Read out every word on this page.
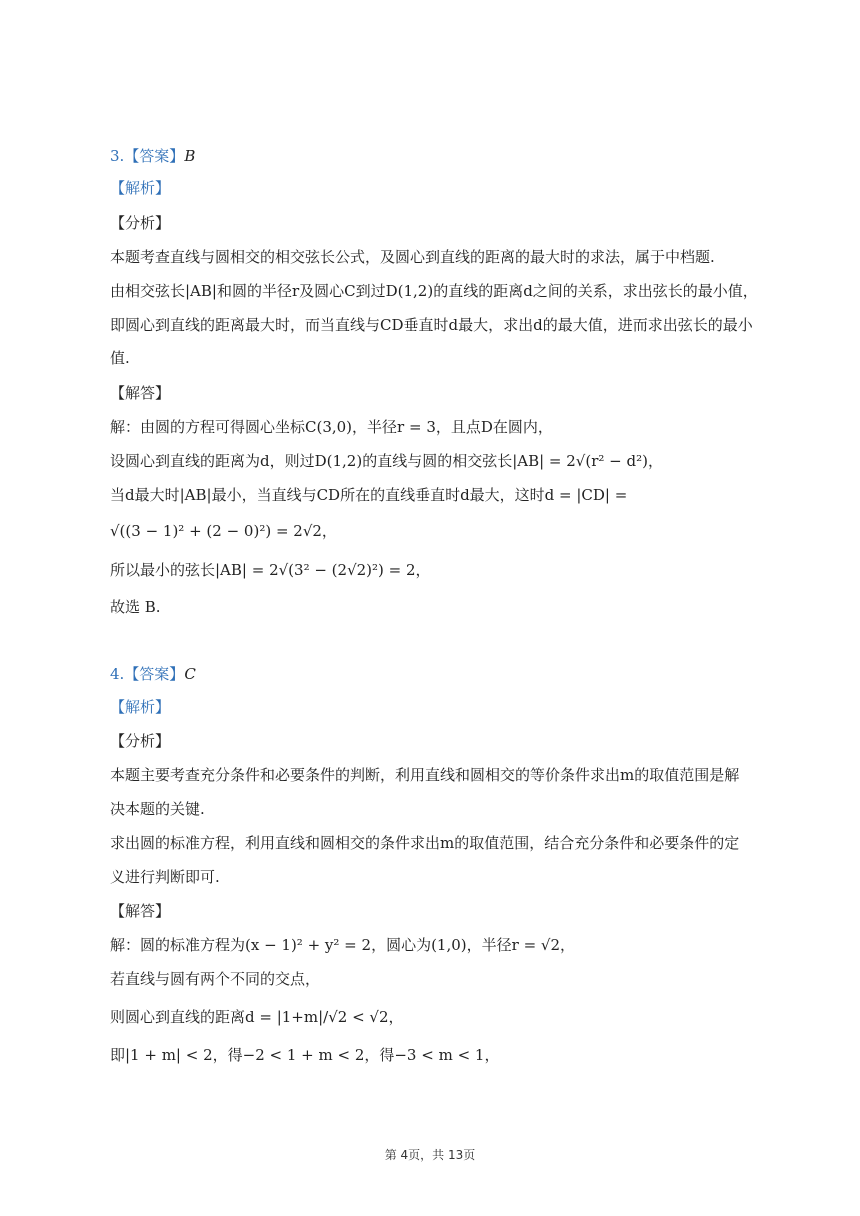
3.【答案】B
【解析】
【分析】
本题考查直线与圆相交的相交弦长公式，及圆心到直线的距离的最大时的求法，属于中档题.
由相交弦长|AB|和圆的半径r及圆心C到过D(1,2)的直线的距离d之间的关系，求出弦长的最小值，
即圆心到直线的距离最大时，而当直线与CD垂直时d最大，求出d的最大值，进而求出弦长的最小
值.
【解答】
解：由圆的方程可得圆心坐标C(3,0)，半径r = 3，且点D在圆内，
设圆心到直线的距离为d，则过D(1,2)的直线与圆的相交弦长|AB| = 2√(r² − d²)，
当d最大时|AB|最小，当直线与CD所在的直线垂直时d最大，这时d = |CD| =
√((3 − 1)² + (2 − 0)²) = 2√2，
所以最小的弦长|AB| = 2√(3² − (2√2)²) = 2，
故选 B.
4.【答案】C
【解析】
【分析】
本题主要考查充分条件和必要条件的判断，利用直线和圆相交的等价条件求出m的取值范围是解
决本题的关键.
求出圆的标准方程，利用直线和圆相交的条件求出m的取值范围，结合充分条件和必要条件的定
义进行判断即可.
【解答】
解：圆的标准方程为(x − 1)² + y² = 2，圆心为(1,0)，半径r = √2，
若直线与圆有两个不同的交点，
则圆心到直线的距离d = |1+m|/√2 < √2，
即|1 + m| < 2，得−2 < 1 + m < 2，得−3 < m < 1，
第 4页，共 13页
